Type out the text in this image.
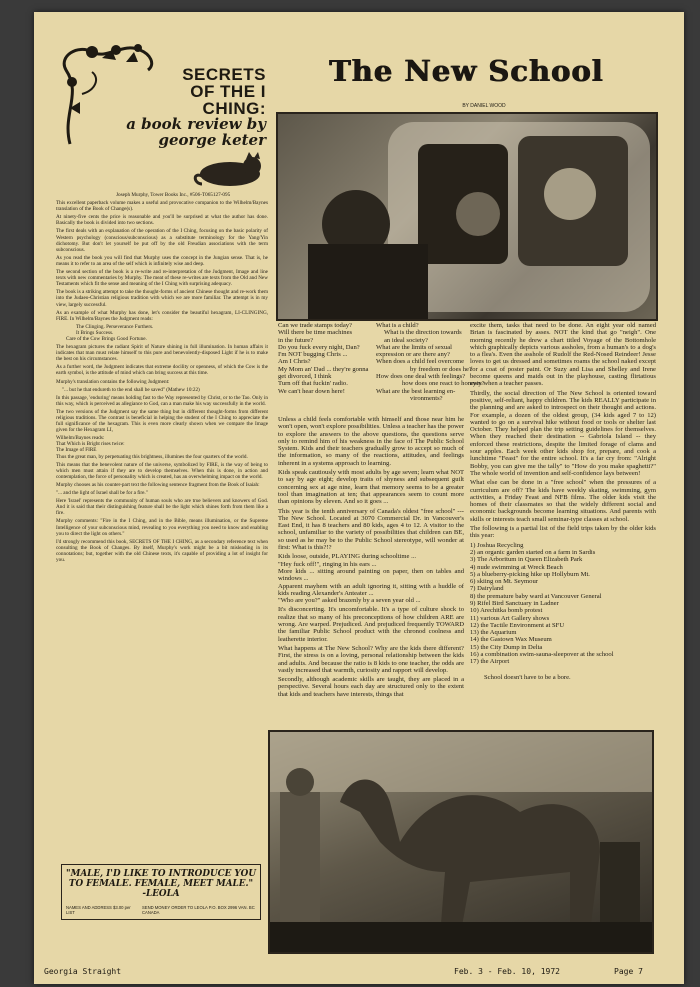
SECRETS OF THE I CHING:
a book review by george keter

Joseph Murphy, Tower Books Inc., #506-T065127-095

This excellent paperback volume makes a useful and provocative companion to the Wilhelm/Baynes translation of the Book of Change(s).

At ninety-five cents the price is reasonable and you'll be surprised at what the author has done. Basically the book is divided into two sections.

The first deals with an explanation of the operation of the I Ching, focusing on the basic polarity of Western psychology (conscious/subconscious) as a substitute terminology for the Yang/Yin dichotomy. But don't let yourself be put off by the old Freudian associations with the term subconscious.

As you read the book you will find that Murphy uses the concept in the Jungian sense. That is, he means it to refer to an area of the self which is infinitely wise and deep.

The second section of the book is a re-write and re-interpretation of the Judgment, Image and line texts with new commentaries by Murphy. The meat of these re-writes are texts from the Old and New Testaments which fit the sense and meaning of the I Ching with surprising adequacy.

The book is a striking attempt to take the thought-forms of ancient Chinese thought and re-work them into the Judaeo-Christian religious tradition with which we are more familiar. The attempt is in my view, largely successful.

As an example of what Murphy has done, let's consider the beautiful hexagram, LI-CLINGING, FIRE. In Wilhelm/Baynes the Judgment reads:

The Clinging. Perseverance Furthers.

It Brings Success.

Care of the Cow Brings Good Fortune.

The hexagram pictures the radiant Spirit of Nature shining in full illumination. In human affairs it indicates that man must relate himself to this pure and benevolently-disposed Light if he is to make the best on his circumstances.

As a further word, the Judgment indicates that extreme docility or openness, of which the Cow is the earth symbol, is the attitude of mind which can bring success at this time.

Murphy's translation contains the following Judgment:

"... but he that endureth to the end shall be saved" (Mathew 10:22)

In this passage, 'enduring' means holding fast to the Way represented by Christ, or to the Tao. Only in this way, which is perceived as allegiance to God, can a man make his way successfully in the world.

The two versions of the Judgment say the same thing but in different thought-forms from different religious traditions. The contrast is beneficial in helping the student of the I Ching to appreciate the full significance of the hexagram. This is even more clearly shown when we compare the Image given for the Hexagram LI,

Wilhelm/Baynes reads:

That Which is Bright rises twice:

The Image of FIRE

Thus the great man, by perpetuating this brightness, illumines the four quarters of the world.

This means that the benevolent nature of the universe, symbolized by FIRE, is the way of being to which men must attain if they are to develop themselves. When this is done, in action and contemplation, the force of personality which is created, has an overwhelming impact on the world.

Murphy chooses as his counter-part text the following sentence fragment from the Book of Isaiah:

"... and the light of Israel shall be for a fire."

Here 'Israel' represents the community of human souls who are true believers and knowers of God. And it is said that their distinguishing feature shall be the light which shines forth from them like a fire.

Murphy comments: "Fire in the I Ching, and in the Bible, means illumination, or the Supreme Intelligence of your subconscious mind, revealing to you everything you need to know and enabling you to direct the light on others."

I'd strongly recommend this book, SECRETS OF THE I CHING, as a secondary reference text when consulting the Book of Changes. By itself, Murphy's work might be a bit misleading in its connotations; but, together with the old Chinese texts, it's capable of providing a lot of insight for you.

"MALE, I'D LIKE TO INTRODUCE YOU TO FEMALE. FEMALE, MEET MALE." -LEOLA
NAMES AND ADDRESS $3.00 per LIST
SEND MONEY ORDER TO LEOLA P.O. BOX 2996 VAN. BC CANADA
The New School
BY DANIEL WOOD
Can we trade stamps today?
Will there be time machines
in the future?
Do you fuck every night, Dan?
I'm NOT bugging Chris ...
Am I Chris?
My Mom an' Dad ... they're gonna
get divorced, I think
Turn off that fuckin' radio.
We can't hear down here!
What is a child?
What is the direction towards
an ideal society?
What are the limits of sexual
expression or are there any?
When does a child feel overcome
by freedom or does he?
How does one deal with feelings?
how does one react to honesty?
What are the best learning en-
vironments?

Unless a child feels comfortable with himself and those near him he won't open, won't explore possibilities. Unless a teacher has the power to explore the answers to the above questions, the questions serve only to remind him of his weakness in the face of The Public School System. Kids and their teachers gradually grow to accept so much of the information, so many of the reactions, attitudes, and feelings inherent in a systems approach to learning.

Kids speak cautiously with most adults by age seven; learn what NOT to say by age eight; develop traits of shyness and subsequent guilt concerning sex at age nine, learn that memory seems to be a greater tool than imagination at ten; that appearances seem to count more than opinions by eleven. And so it goes ...

This year is the tenth anniversary of Canada's oldest "free school" --- The New School. Located at 3070 Commercial Dr. in Vancouver's East End, it has 8 teachers and 80 kids, ages 4 to 12. A visitor to the school, unfamiliar to the variety of possibilities that children can BE, so used as he may be to the Public School stereotype, will wonder at first: What is this?!?

Kids loose, outside, PLAYING during schooltime ...

"Hey fuck off!", ringing in his ears ...

More kids ... sitting around painting on paper, then on tables and windows ...

Apparent mayhem with an adult ignoring it, sitting with a huddle of kids reading Alexander's Anteater ...

"Who are you?" asked brazenly by a seven year old ...

It's disconcerting. It's uncomfortable. It's a type of culture shock to realize that so many of his preconceptions of how children ARE are wrong. Are warped. Prejudiced. And prejudiced frequently TOWARD the familiar Public School product with the chronod coolness and leatherette interior.

What happens at The New School? Why are the kids there different? First, the stress is on a loving, personal relationship between the kids and adults. And because the ratio is 8 kids to one teacher, the odds are vastly increased that warmth, curiosity and rapport will develop.

Secondly, although academic skills are taught, they are placed in a perspective. Several hours each day are structured only to the extent that kids and teachers have interests, things that

excite them, tasks that need to be done. An eight year old named Brian is fascinated by asses. NOT the kind that go "neigh". One morning recently he drew a chart titled Voyage of the Bottomhole which graphically depicts various assholes, from a human's to a dog's to a flea's. Even the asshole of Rudolf the Red-Nosed Reindeer! Jesse loves to get us dressed and sometimes roams the school naked except for a coat of poster paint. Or Suzy and Lisa and Shelley and Irene become queens and maids out in the playhouse, casting flirtatious eyes when a teacher passes.

Thirdly, the social direction of The New School is oriented toward positive, self-reliant, happy children. The kids REALLY participate in the planning and are asked to introspect on their thought and actions. For example, a dozen of the oldest group, (34 kids aged 7 to 12) wanted to go on a survival hike without food or tools or shelter last October. They helped plan the trip setting guidelines for themselves. When they reached their destination -- Gabriola Island -- they enforced these restrictions, despite the limited forage of clams and sour apples. Each week other kids shop for, prepare, and cook a lunchtime "Feast" for the entire school. It's a far cry from: "Alright Bobby, you can give me the tally" to "How do you make spaghetti?" The whole world of invention and self-confidence lays between!

What else can be done in a "free school" when the pressures of a curriculum are off? The kids have weekly skating, swimming, gym activities, a Friday Feast and NFB films. The older kids visit the homes of their classmates so that the widely different social and economic backgrounds become learning situations. And parents with skills or interests teach small seminar-type classes at school.

The following is a partial list of the field trips taken by the older kids this year:

1) Joshua Recycling
2) an organic garden started on a farm in Sardis
3) The Arboritum in Queen Elizabeth Park
4) nude swimming at Wreck Beach
5) a blueberry-picking hike up Hollyburn Mt.
6) skiing on Mt. Seymour
7) Dairyland
8) the premature baby ward at Vancouver General
9) Rifel Bird Sanctuary in Ladner
10) Arechitka bomb protest
11) various Art Gallery shows
12) the Tactile Environment at SFU
13) the Aquarium
14) the Gastown Wax Museum
15) the City Dump in Delta
16) a combination swim-sauna-sleepover at the school
17) the Airport

School doesn't have to be a bore.

Georgia Straight	Feb. 3 - Feb. 10, 1972	Page 7
